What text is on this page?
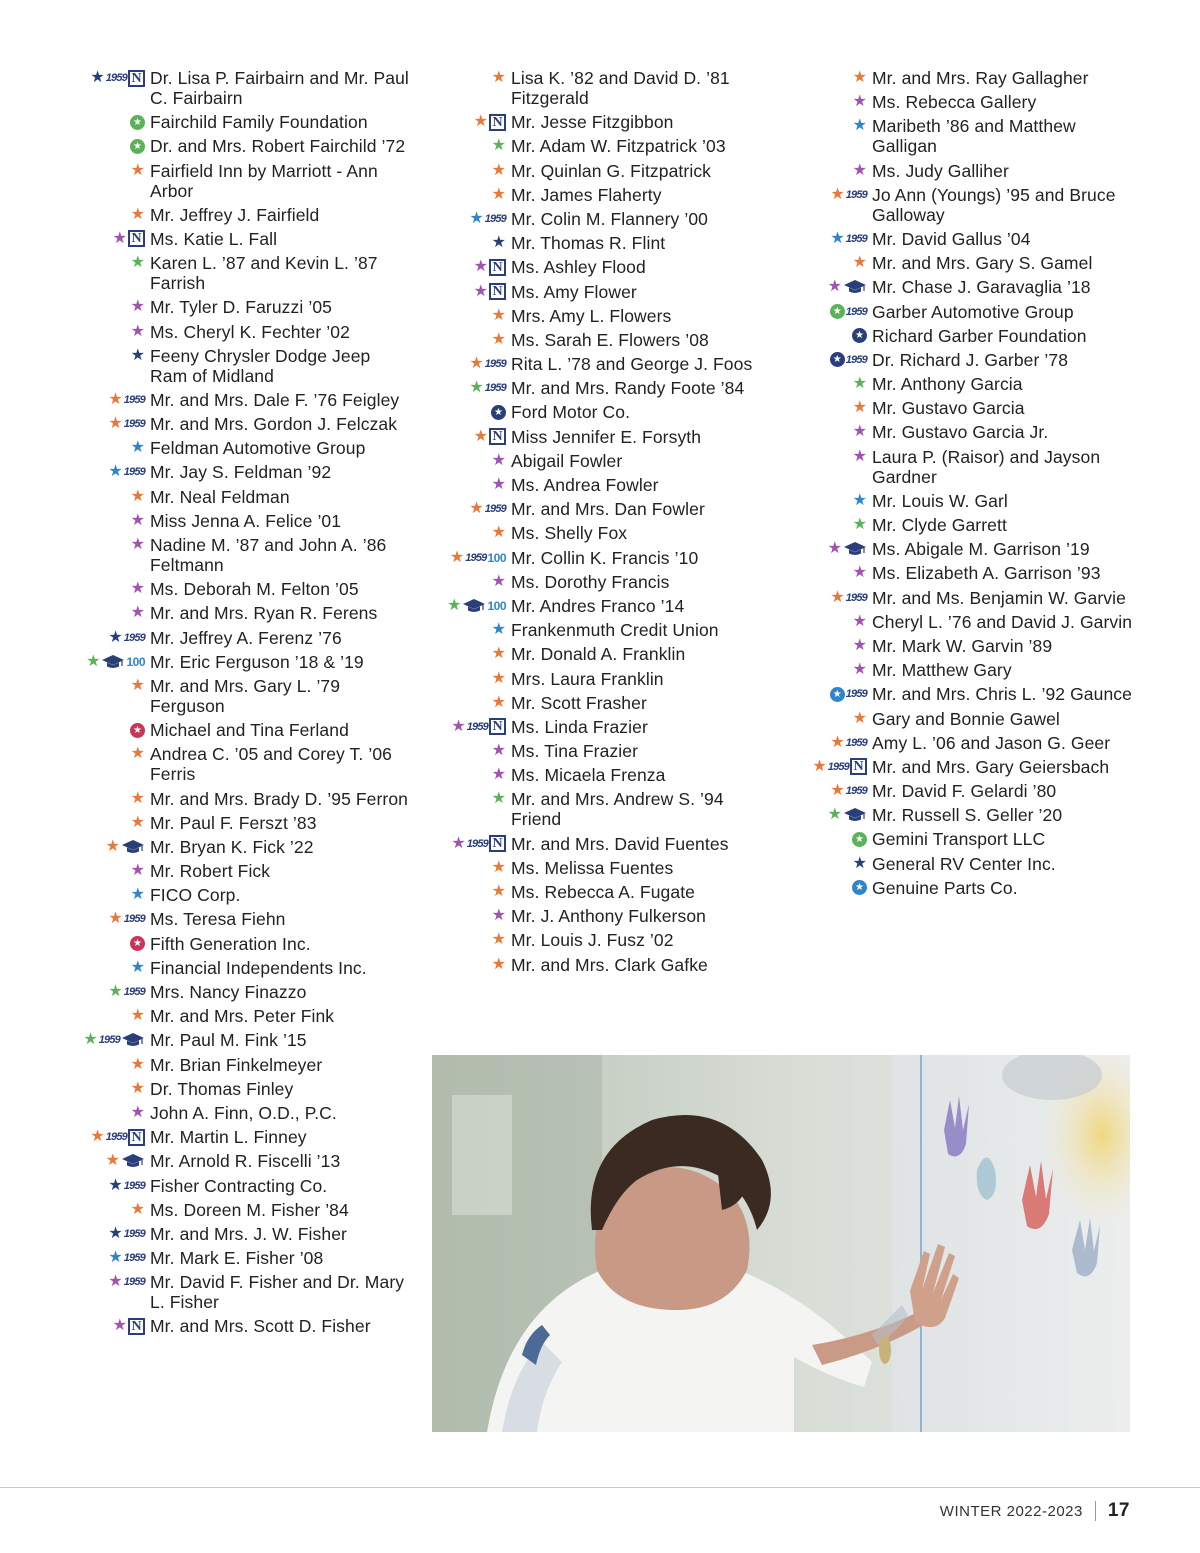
★ 1959 N Dr. Lisa P. Fairbairn and Mr. Paul C. Fairbairn
★ Fairchild Family Foundation
★ Dr. and Mrs. Robert Fairchild ’72
★ Fairfield Inn by Marriott - Ann Arbor
★ Mr. Jeffrey J. Fairfield
★ N Ms. Katie L. Fall
★ Karen L. ’87 and Kevin L. ’87 Farrish
★ Mr. Tyler D. Faruzzi ’05
★ Ms. Cheryl K. Fechter ’02
★ Feeny Chrysler Dodge Jeep Ram of Midland
★ 1959 Mr. and Mrs. Dale F. ’76 Feigley
★ 1959 Mr. and Mrs. Gordon J. Felczak
★ Feldman Automotive Group
★ 1959 Mr. Jay S. Feldman ’92
★ Mr. Neal Feldman
★ Miss Jenna A. Felice ’01
★ Nadine M. ’87 and John A. ’86 Feltmann
★ Ms. Deborah M. Felton ’05
★ Mr. and Mrs. Ryan R. Ferens
★ 1959 Mr. Jeffrey A. Ferenz ’76
★ 100 Mr. Eric Ferguson ’18 & ’19
★ Mr. and Mrs. Gary L. ’79 Ferguson
★ Michael and Tina Ferland
★ Andrea C. ’05 and Corey T. ’06 Ferris
★ Mr. and Mrs. Brady D. ’95 Ferron
★ Mr. Paul F. Ferszt ’83
★ Mr. Bryan K. Fick ’22
★ Mr. Robert Fick
★ FICO Corp.
★ 1959 Ms. Teresa Fiehn
★ Fifth Generation Inc.
★ Financial Independents Inc.
★ 1959 Mrs. Nancy Finazzo
★ Mr. and Mrs. Peter Fink
★ 1959 Mr. Paul M. Fink ’15
★ Mr. Brian Finkelmeyer
★ Dr. Thomas Finley
★ John A. Finn, O.D., P.C.
★ 1959 N Mr. Martin L. Finney
★ Mr. Arnold R. Fiscelli ’13
★ 1959 Fisher Contracting Co.
★ Ms. Doreen M. Fisher ’84
★ 1959 Mr. and Mrs. J. W. Fisher
★ 1959 Mr. Mark E. Fisher ’08
★ 1959 Mr. David F. Fisher and Dr. Mary L. Fisher
★ N Mr. and Mrs. Scott D. Fisher
★ Lisa K. ’82 and David D. ’81 Fitzgerald
★ N Mr. Jesse Fitzgibbon
★ Mr. Adam W. Fitzpatrick ’03
★ Mr. Quinlan G. Fitzpatrick
★ Mr. James Flaherty
★ 1959 Mr. Colin M. Flannery ’00
★ Mr. Thomas R. Flint
★ N Ms. Ashley Flood
★ N Ms. Amy Flower
★ Mrs. Amy L. Flowers
★ Ms. Sarah E. Flowers ’08
★ 1959 Rita L. ’78 and George J. Foos
★ 1959 Mr. and Mrs. Randy Foote ’84
★ Ford Motor Co.
★ N Miss Jennifer E. Forsyth
★ Abigail Fowler
★ Ms. Andrea Fowler
★ 1959 Mr. and Mrs. Dan Fowler
★ Ms. Shelly Fox
★ 1959 100 Mr. Collin K. Francis ’10
★ Ms. Dorothy Francis
★ 100 Mr. Andres Franco ’14
★ Frankenmuth Credit Union
★ Mr. Donald A. Franklin
★ Mrs. Laura Franklin
★ Mr. Scott Frasher
★ 1959 N Ms. Linda Frazier
★ Ms. Tina Frazier
★ Ms. Micaela Frenza
★ Mr. and Mrs. Andrew S. ’94 Friend
★ 1959 N Mr. and Mrs. David Fuentes
★ Ms. Melissa Fuentes
★ Ms. Rebecca A. Fugate
★ Mr. J. Anthony Fulkerson
★ Mr. Louis J. Fusz ’02
★ Mr. and Mrs. Clark Gafke
★ Mr. and Mrs. Ray Gallagher
★ Ms. Rebecca Gallery
★ Maribeth ’86 and Matthew Galligan
★ Ms. Judy Galliher
★ 1959 Jo Ann (Youngs) ’95 and Bruce Galloway
★ 1959 Mr. David Gallus ’04
★ Mr. and Mrs. Gary S. Gamel
★ Mr. Chase J. Garavaglia ’18
★ 1959 Garber Automotive Group
★ Richard Garber Foundation
★ 1959 Dr. Richard J. Garber ’78
★ Mr. Anthony Garcia
★ Mr. Gustavo Garcia
★ Mr. Gustavo Garcia Jr.
★ Laura P. (Raisor) and Jayson Gardner
★ Mr. Louis W. Garl
★ Mr. Clyde Garrett
★ Ms. Abigale M. Garrison ’19
★ Ms. Elizabeth A. Garrison ’93
★ 1959 Mr. and Ms. Benjamin W. Garvie
★ Cheryl L. ’76 and David J. Garvin
★ Mr. Mark W. Garvin ’89
★ Mr. Matthew Gary
★ 1959 Mr. and Mrs. Chris L. ’92 Gaunce
★ Gary and Bonnie Gawel
★ 1959 Amy L. ’06 and Jason G. Geer
★ 1959 N Mr. and Mrs. Gary Geiersbach
★ 1959 Mr. David F. Gelardi ’80
★ Mr. Russell S. Geller ’20
★ Gemini Transport LLC
★ General RV Center Inc.
★ Genuine Parts Co.
WINTER 2022-2023 17
